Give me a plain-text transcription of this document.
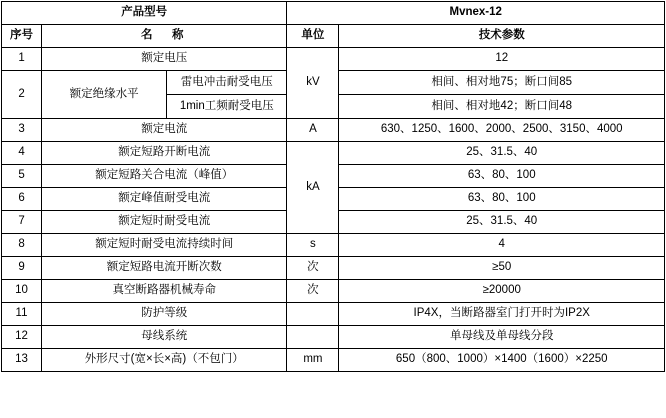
产品型号			Mvnex-12	
序号	名　称		单位	技术参数
1	额定电压		kV	12
2	额定绝缘水平	雷电冲击耐受电压		相间、相对地75；断口间85
		1min工频耐受电压		相间、相对地42；断口间48
3	额定电流		A	630、1250、1600、2000、2500、3150、4000
4	额定短路开断电流		kA	25、31.5、40
5	额定短路关合电流（峰值）			63、80、100
6	额定峰值耐受电流			63、80、100
7	额定短时耐受电流			25、31.5、40
8	额定短时耐受电流持续时间		s	4
9	额定短路电流开断次数		次	≥50
10	真空断路器机械寿命		次	≥20000
11	防护等级			IP4X，当断路器室门打开时为IP2X
12	母线系统			单母线及单母线分段
13	外形尺寸(宽×长×高)（不包门）		mm	650（800、1000）×1400（1600）×2250
